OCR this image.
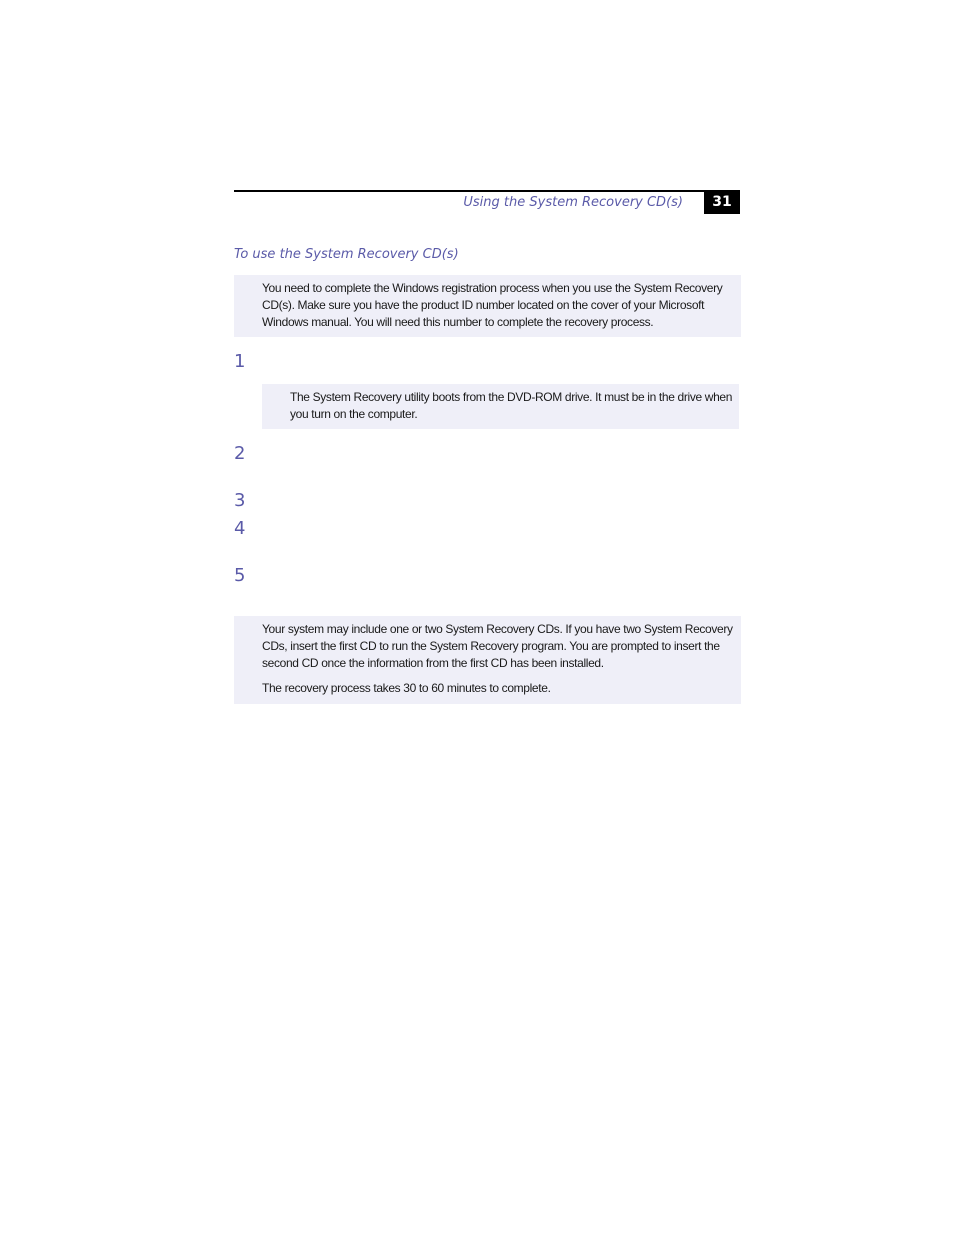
Using the System Recovery CD(s)	31
To use the System Recovery CD(s)

You need to complete the Windows registration process when you use the System Recovery CD(s). Make sure you have the product ID number located on the cover of your Microsoft Windows manual. You will need this number to complete the recovery process.

1

The System Recovery utility boots from the DVD-ROM drive. It must be in the drive when you turn on the computer.

2
3
4
5

Your system may include one or two System Recovery CDs. If you have two System Recovery CDs, insert the first CD to run the System Recovery program. You are prompted to insert the second CD once the information from the first CD has been installed.

The recovery process takes 30 to 60 minutes to complete.
